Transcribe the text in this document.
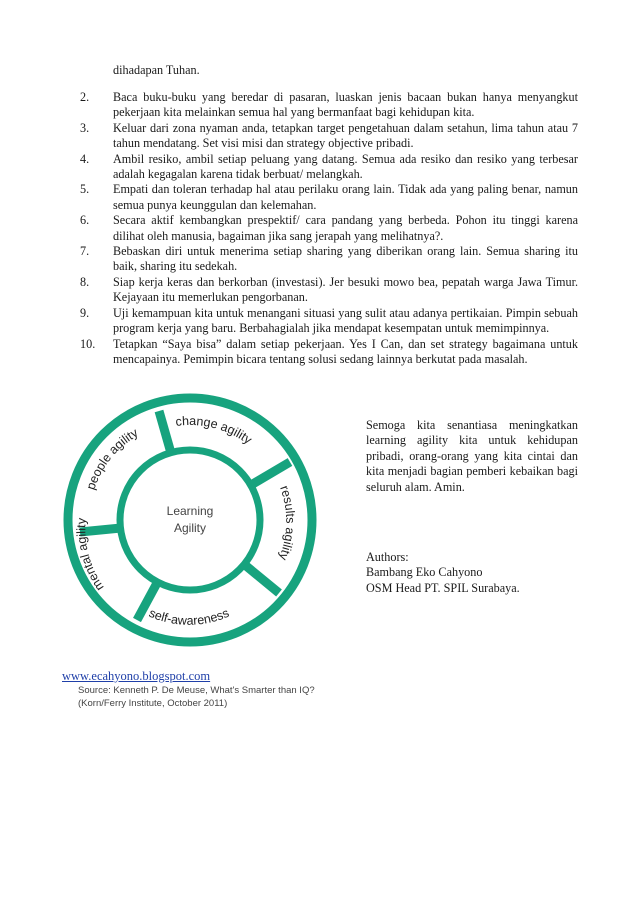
dihadapan Tuhan.
2.	Baca buku-buku yang beredar di pasaran, luaskan jenis bacaan bukan hanya menyangkut pekerjaan kita melainkan semua hal yang bermanfaat bagi kehidupan kita.
3.	Keluar dari zona nyaman anda, tetapkan target pengetahuan dalam setahun, lima tahun atau 7 tahun mendatang. Set visi misi dan strategy objective pribadi.
4.	Ambil resiko, ambil setiap peluang yang datang. Semua ada resiko dan resiko yang terbesar adalah kegagalan karena tidak berbuat/ melangkah.
5.	Empati dan toleran terhadap hal atau perilaku orang lain. Tidak ada yang paling benar, namun semua punya keunggulan dan kelemahan.
6.	Secara aktif kembangkan prespektif/ cara pandang yang berbeda. Pohon itu tinggi karena dilihat oleh manusia, bagaiman jika sang jerapah yang melihatnya?.
7.	Bebaskan diri untuk menerima setiap sharing yang diberikan orang lain. Semua sharing itu baik, sharing itu sedekah.
8.	Siap kerja keras dan berkorban (investasi). Jer besuki mowo bea, pepatah warga Jawa Timur. Kejayaan itu memerlukan pengorbanan.
9.	Uji kemampuan kita untuk menangani situasi yang sulit atau adanya pertikaian. Pimpin sebuah program kerja yang baru. Berbahagialah jika mendapat kesempatan untuk memimpinnya.
10.	Tetapkan “Saya bisa” dalam setiap pekerjaan. Yes I Can, dan set strategy bagaimana untuk mencapainya. Pemimpin bicara tentang solusi sedang lainnya berkutat pada masalah.
change agility
results agility
self-awareness
mental agility
people agility
Learning
Agility

Semoga kita senantiasa meningkatkan learning agility kita untuk kehidupan pribadi, orang-orang yang kita cintai dan kita menjadi bagian pemberi kebaikan bagi seluruh alam. Amin.

Authors:
Bambang Eko Cahyono
OSM Head PT. SPIL Surabaya.
www.ecahyono.blogspot.com
Source: Kenneth P. De Meuse, What's Smarter than IQ? (Korn/Ferry Institute, October 2011)
